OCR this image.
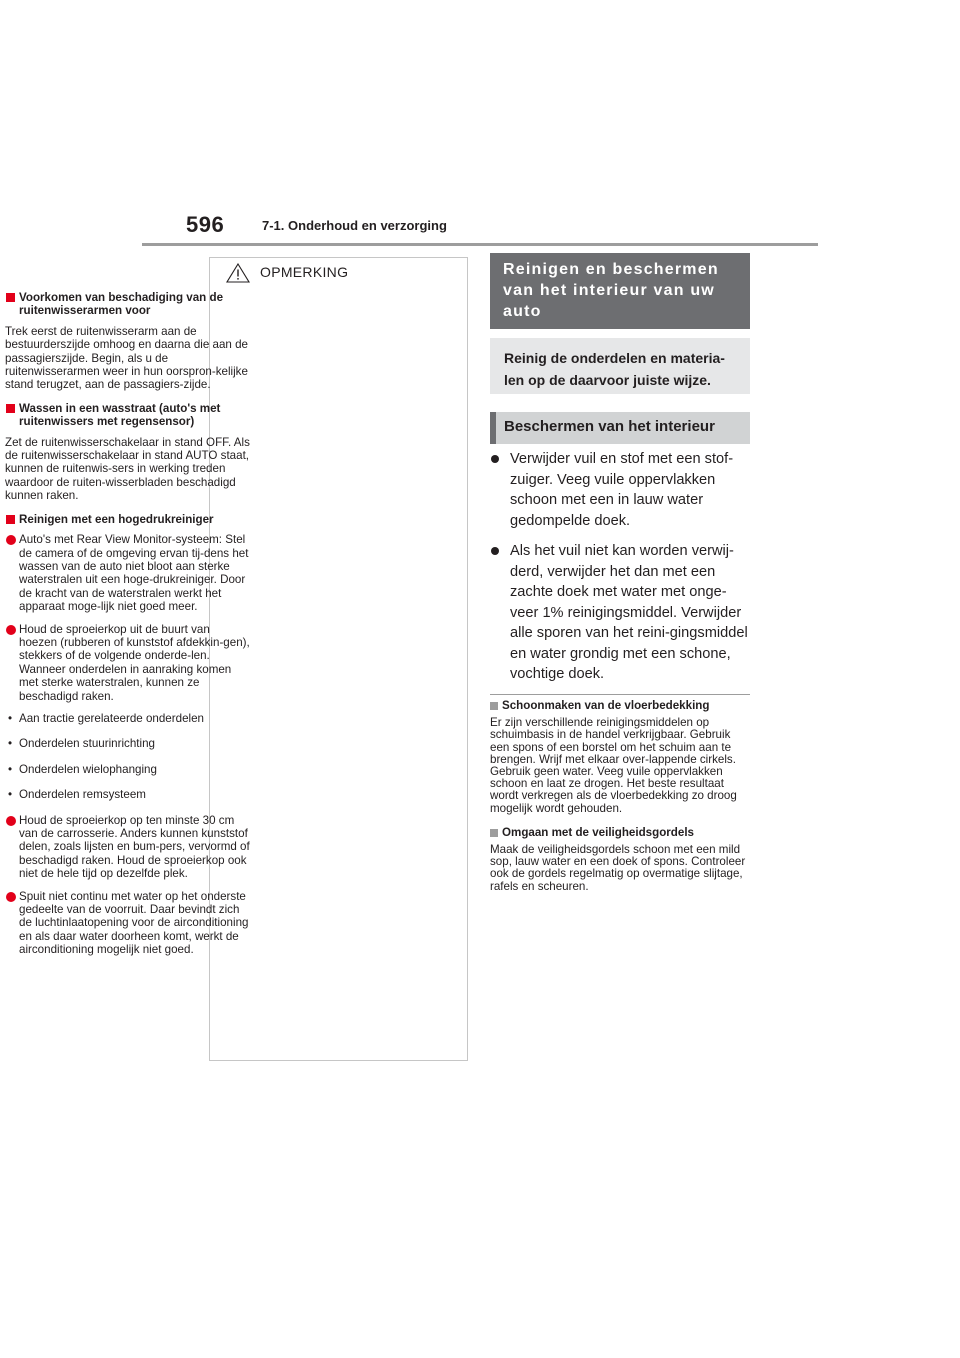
596	7-1. Onderhoud en verzorging
OPMERKING
Voorkomen van beschadiging van de ruitenwisserarmen voor
Trek eerst de ruitenwisserarm aan de bestuurderszijde omhoog en daarna die aan de passagierszijde. Begin, als u de ruitenwisserarmen weer in hun oorspron-kelijke stand terugzet, aan de passagiers-zijde.
Wassen in een wasstraat (auto's met ruitenwissers met regensensor)
Zet de ruitenwisserschakelaar in stand OFF. Als de ruitenwisserschakelaar in stand AUTO staat, kunnen de ruitenwis-sers in werking treden waardoor de ruiten-wisserbladen beschadigd kunnen raken.
Reinigen met een hogedrukreiniger
Auto's met Rear View Monitor-systeem: Stel de camera of de omgeving ervan tij-dens het wassen van de auto niet bloot aan sterke waterstralen uit een hoge-drukreiniger. Door de kracht van de waterstralen werkt het apparaat moge-lijk niet goed meer.
Houd de sproeierkop uit de buurt van hoezen (rubberen of kunststof afdekkin-gen), stekkers of de volgende onderde-len. Wanneer onderdelen in aanraking komen met sterke waterstralen, kunnen ze beschadigd raken.
• Aan tractie gerelateerde onderdelen
• Onderdelen stuurinrichting
• Onderdelen wielophanging
• Onderdelen remsysteem
Houd de sproeierkop op ten minste 30 cm van de carrosserie. Anders kunnen kunststof delen, zoals lijsten en bum-pers, vervormd of beschadigd raken. Houd de sproeierkop ook niet de hele tijd op dezelfde plek.
Spuit niet continu met water op het onderste gedeelte van de voorruit. Daar bevindt zich de luchtinlaatopening voor de airconditioning en als daar water doorheen komt, werkt de airconditioning mogelijk niet goed.
Reinigen en beschermen van het interieur van uw auto
Reinig de onderdelen en materia-len op de daarvoor juiste wijze.
Beschermen van het interieur
Verwijder vuil en stof met een stof-zuiger. Veeg vuile oppervlakken schoon met een in lauw water gedompelde doek.
Als het vuil niet kan worden verwij-derd, verwijder het dan met een zachte doek met water met onge-veer 1% reinigingsmiddel. Verwijder alle sporen van het reini-gingsmiddel en water grondig met een schone, vochtige doek.
Schoonmaken van de vloerbedekking
Er zijn verschillende reinigingsmiddelen op schuimbasis in de handel verkrijgbaar. Gebruik een spons of een borstel om het schuim aan te brengen. Wrijf met elkaar over-lappende cirkels. Gebruik geen water. Veeg vuile oppervlakken schoon en laat ze drogen. Het beste resultaat wordt verkregen als de vloerbedekking zo droog mogelijk wordt gehouden.
Omgaan met de veiligheidsgordels
Maak de veiligheidsgordels schoon met een mild sop, lauw water en een doek of spons. Controleer ook de gordels regelmatig op overmatige slijtage, rafels en scheuren.
